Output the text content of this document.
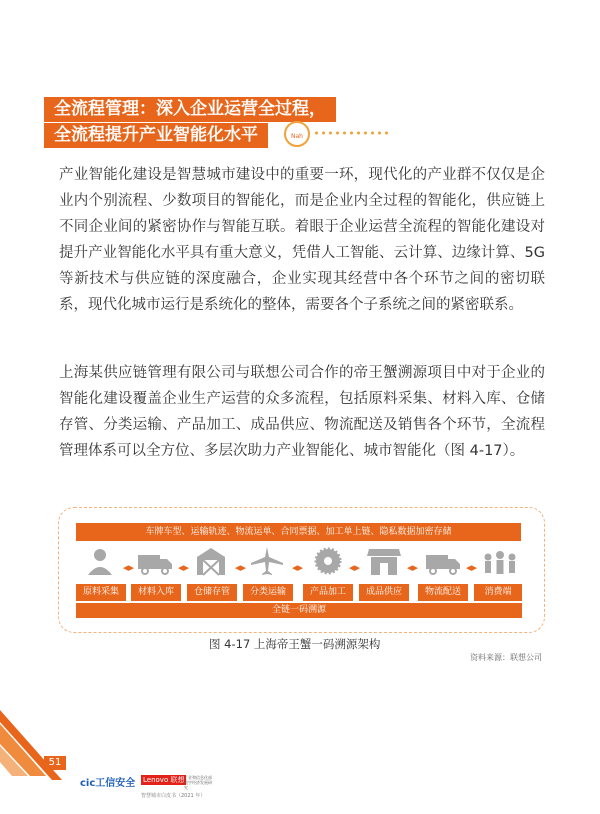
全流程管理：深入企业运营全过程，
全流程提升产业智能化水平	Nah
产业智能化建设是智慧城市建设中的重要一环，现代化的产业群不仅仅是企业内个别流程、少数项目的智能化，而是企业内全过程的智能化，供应链上不同企业间的紧密协作与智能互联。着眼于企业运营全流程的智能化建设对提升产业智能化水平具有重大意义，凭借人工智能、云计算、边缘计算、5G 等新技术与供应链的深度融合，企业实现其经营中各个环节之间的密切联系，现代化城市运行是系统化的整体，需要各个子系统之间的紧密联系。
上海某供应链管理有限公司与联想公司合作的帝王蟹溯源项目中对于企业的智能化建设覆盖企业生产运营的众多流程，包括原料采集、材料入库、仓储存管、分类运输、产品加工、成品供应、物流配送及销售各个环节，全流程管理体系可以全方位、多层次助力产业智能化、城市智能化（图 4-17）。
车牌车型、运输轨迹、物流运单、合同票据、加工单上链、隐私数据加密存储
◂▸	◂▸	◂▸	◂▸	◂▸	◂▸	◂▸
原料采集	材料入库	仓储存管	分类运输	产品加工	成品供应	物流配送	消费端
全链一码溯源
图 4-17 上海帝王蟹一码溯源架构
资料来源：联想公司
51
cic工信安全 Lenovo 联想 工业和信息化部 数字经济发展研究
智慧城市白皮书（2021 年）
